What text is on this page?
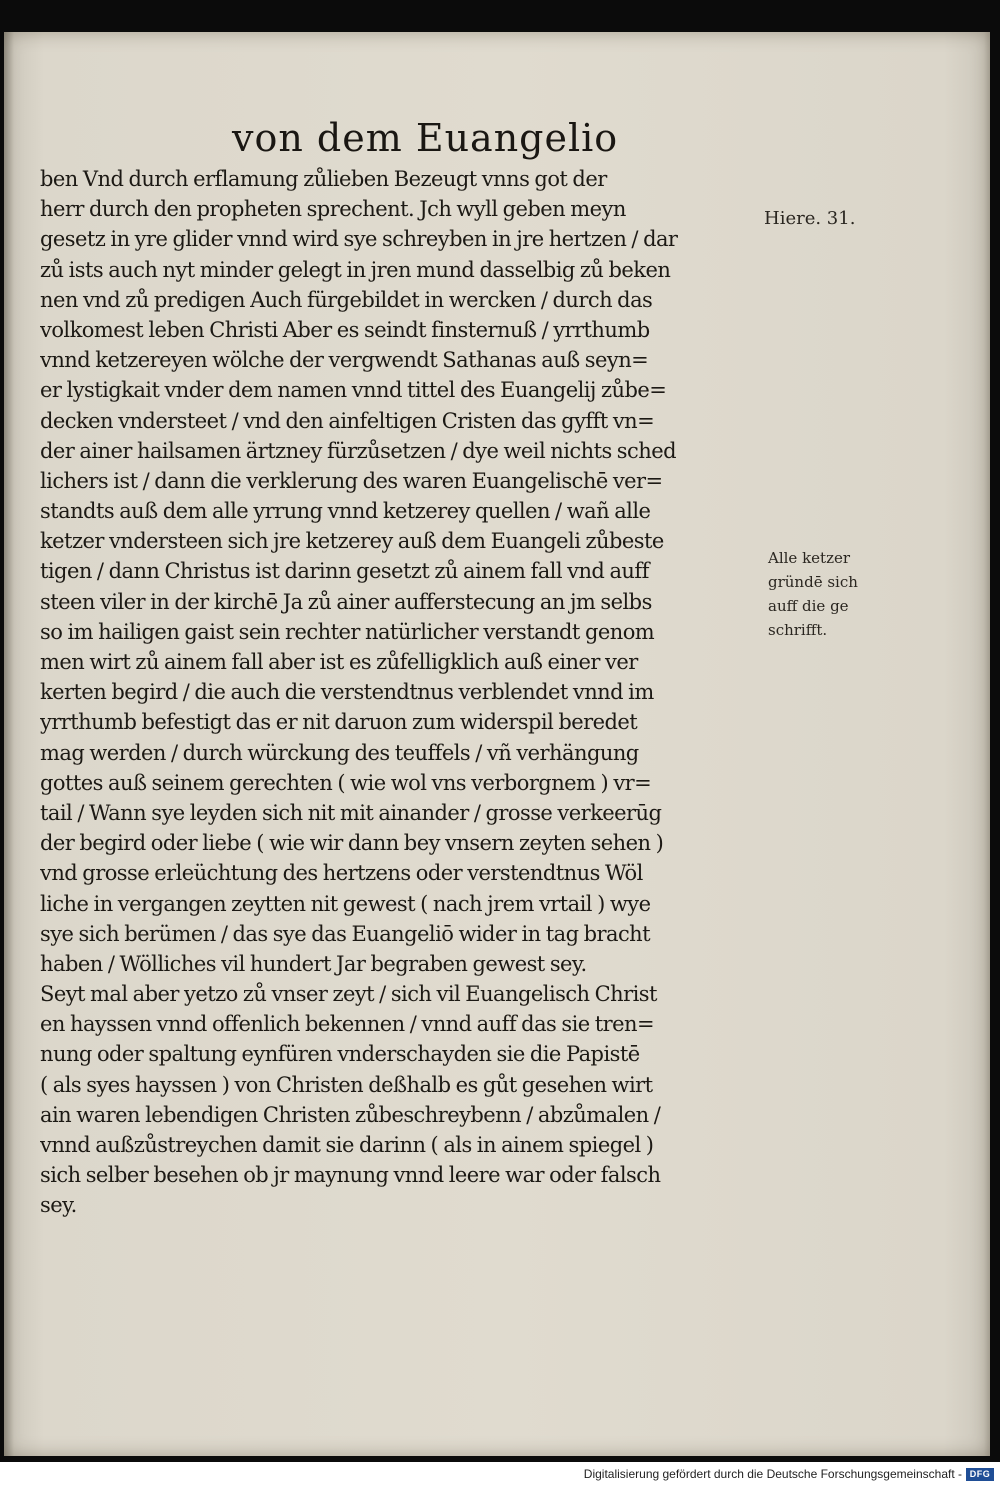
von dem Euangelio
ben Vnd durch erflamung zůlieben Bezeugt vnns got der
herr durch den propheten sprechent. Jch wyll geben meyn
gesetz in yre glider vnnd wird sye schreyben in jre hertzen / dar
zů ists auch nyt minder gelegt in jren mund dasselbig zů beken
nen vnd zů predigen Auch fürgebildet in wercken / durch das
volkomest leben Christi Aber es seindt finsternuß / yrrthumb
vnnd ketzereyen wölche der vergwendt Sathanas auß seyn=
er lystigkait vnder dem namen vnnd tittel des Euangelij zůbe=
decken vndersteet / vnd den ainfeltigen Cristen das gyfft vn=
der ainer hailsamen ärtzney fürzůsetzen / dye weil nichts sched
lichers ist / dann die verklerung des waren Euangelischē ver=
standts auß dem alle yrrung vnnd ketzerey quellen / wañ alle
ketzer vndersteen sich jre ketzerey auß dem Euangeli zůbeste
tigen / dann Christus ist darinn gesetzt zů ainem fall vnd auff
steen viler in der kirchē Ja zů ainer aufferstecung an jm selbs
so im hailigen gaist sein rechter natürlicher verstandt genom
men wirt zů ainem fall aber ist es zůfelligklich auß einer ver
kerten begird / die auch die verstendtnus verblendet vnnd im
yrrthumb befestigt das er nit daruon zum widerspil beredet
mag werden / durch würckung des teuffels / vñ verhängung
gottes auß seinem gerechten ( wie wol vns verborgnem ) vr=
tail / Wann sye leyden sich nit mit ainander / grosse verkeerūg
der begird oder liebe ( wie wir dann bey vnsern zeyten sehen )
vnd grosse erleüchtung des hertzens oder verstendtnus Wöl
liche in vergangen zeytten nit gewest ( nach jrem vrtail ) wye
sye sich berümen / das sye das Euangeliō wider in tag bracht
haben / Wölliches vil hundert Jar begraben gewest sey.
Seyt mal aber yetzo zů vnser zeyt / sich vil Euangelisch Christ
en hayssen vnnd offenlich bekennen / vnnd auff das sie tren=
nung oder spaltung eynfüren vnderschayden sie die Papistē
( als syes hayssen ) von Christen deßhalb es gůt gesehen wirt
ain waren lebendigen Christen zůbeschreybenn / abzůmalen /
vnnd außzůstreychen damit sie darinn ( als in ainem spiegel )
sich selber besehen ob jr maynung vnnd leere war oder falsch
sey.
Hiere. 31.
Alle ketzer
gründē sich
auff die ge
schrifft.
Digitalisierung gefördert durch die Deutsche Forschungsgemeinschaft - DFG
